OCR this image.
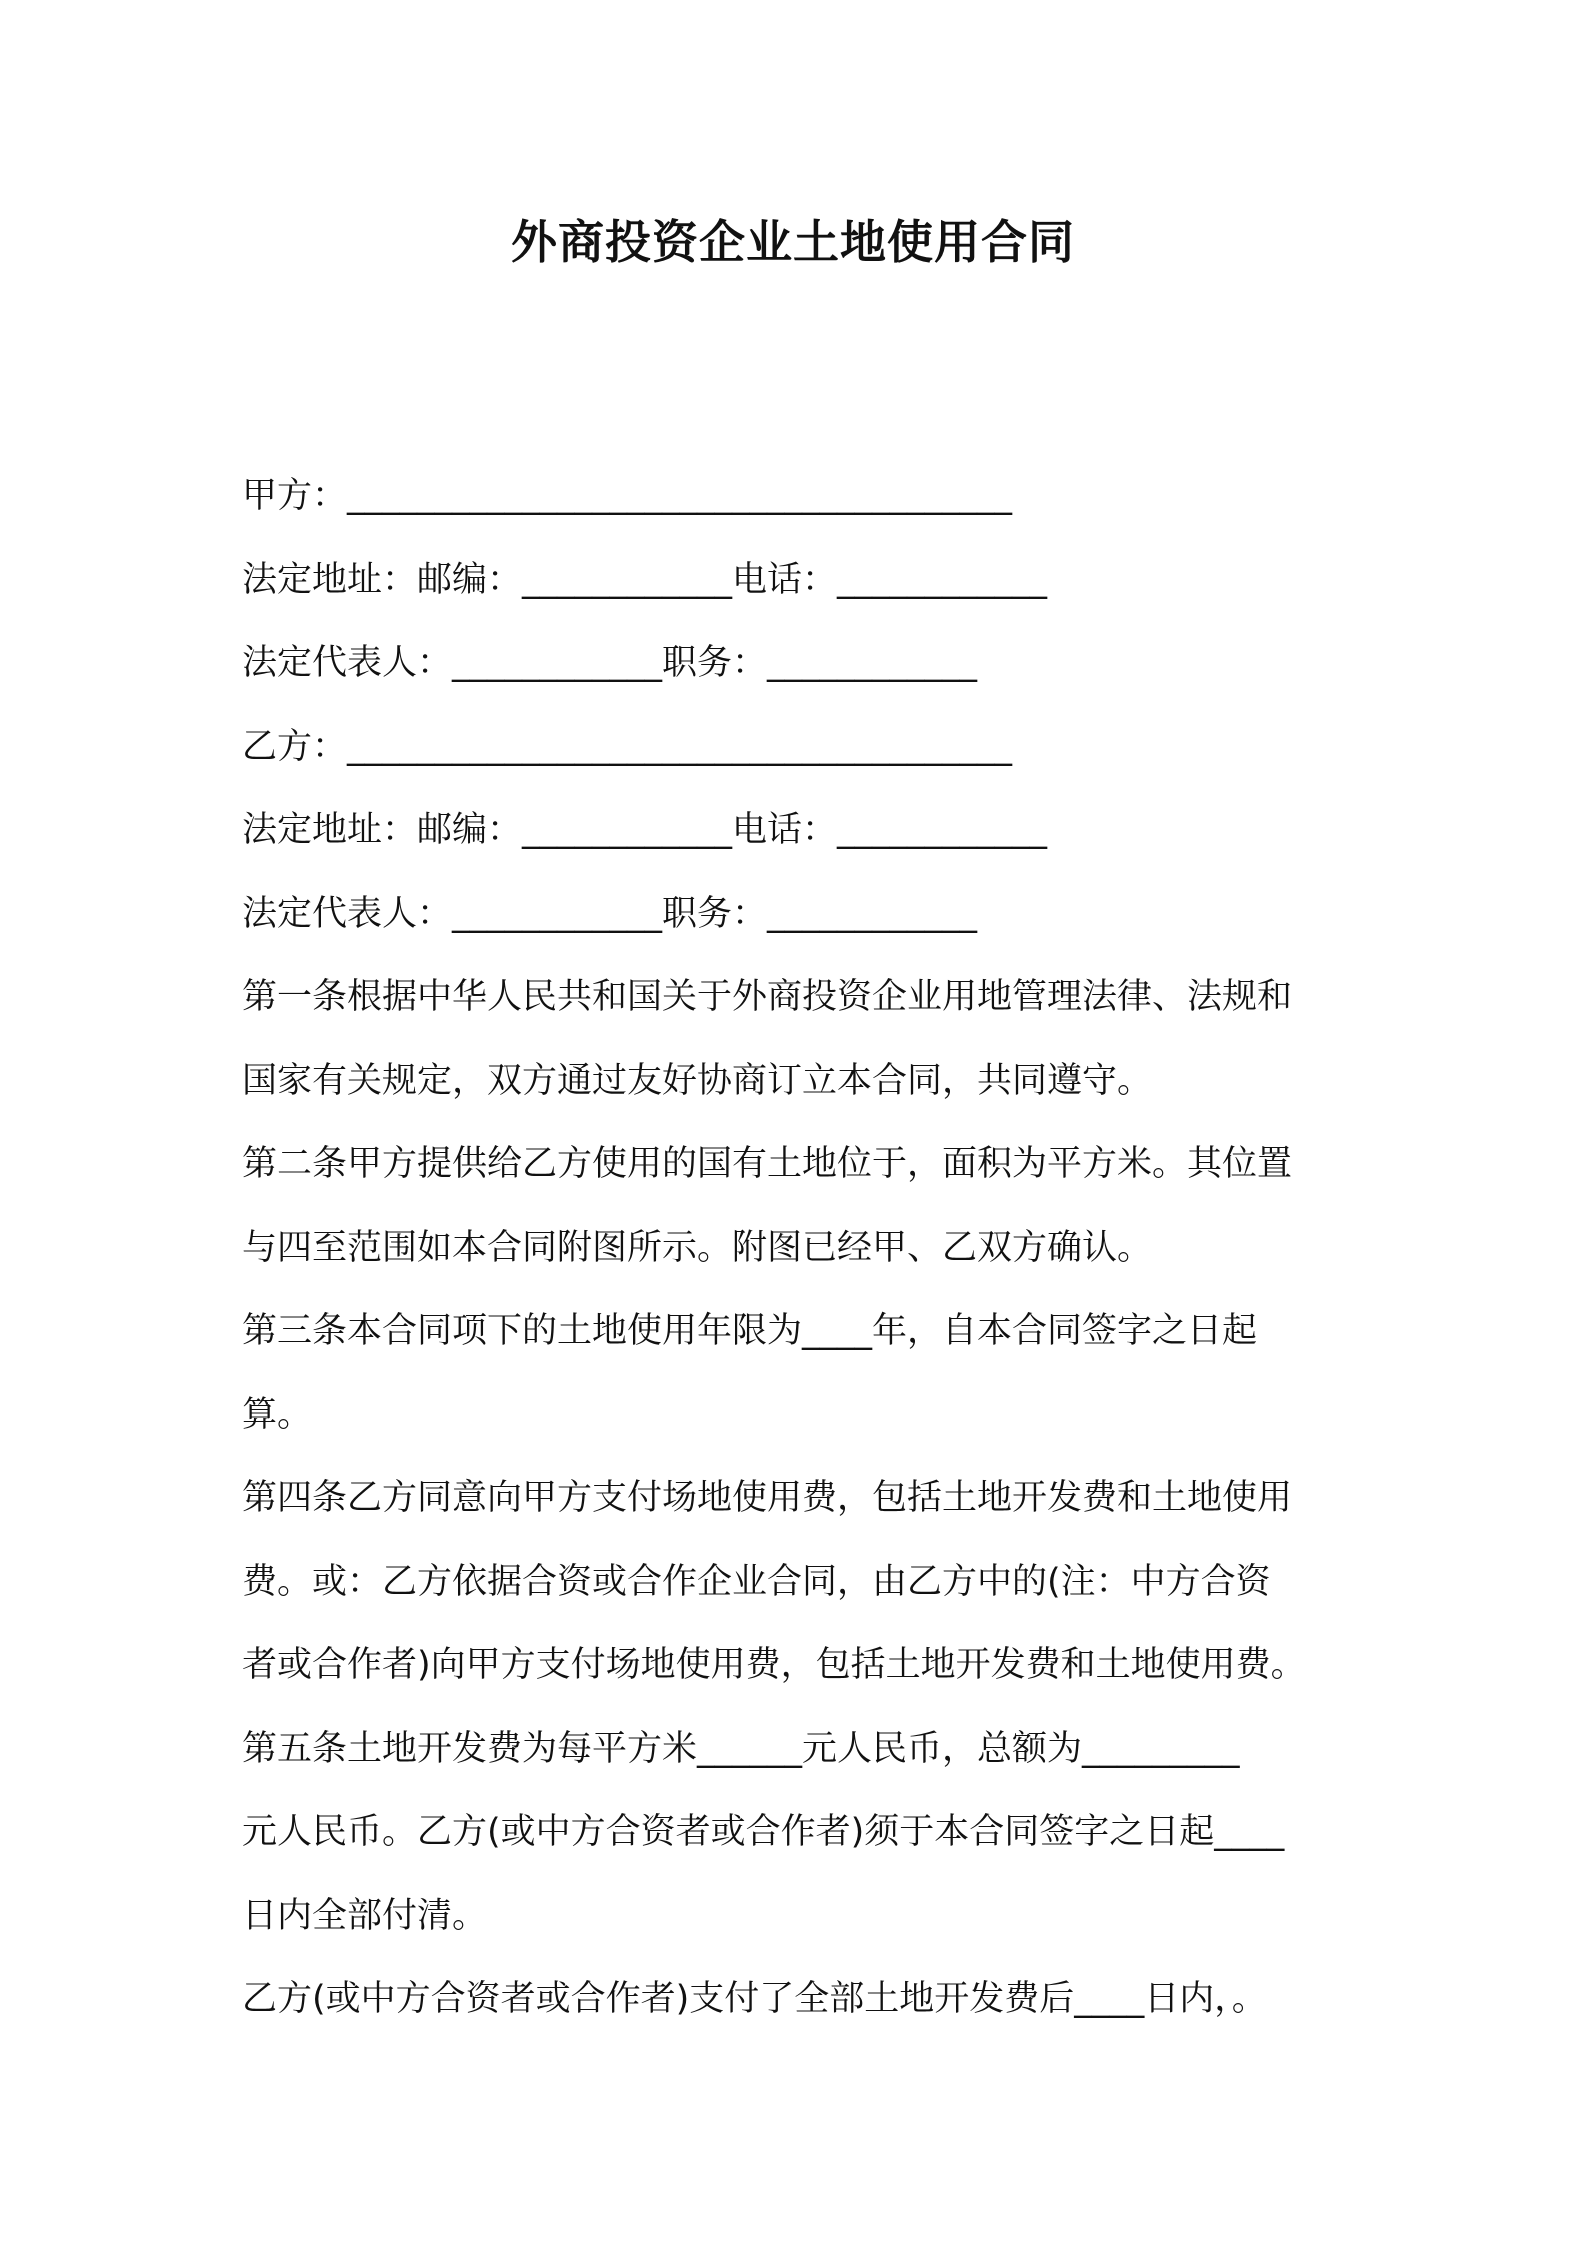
外商投资企业土地使用合同
甲方：______________________________________
法定地址：邮编：____________电话：____________
法定代表人：____________职务：____________
乙方：______________________________________
法定地址：邮编：____________电话：____________
法定代表人：____________职务：____________
第一条根据中华人民共和国关于外商投资企业用地管理法律、法规和
国家有关规定，双方通过友好协商订立本合同，共同遵守。
第二条甲方提供给乙方使用的国有土地位于，面积为平方米。其位置
与四至范围如本合同附图所示。附图已经甲、乙双方确认。
第三条本合同项下的土地使用年限为____年，自本合同签字之日起
算。
第四条乙方同意向甲方支付场地使用费，包括土地开发费和土地使用
费。或：乙方依据合资或合作企业合同，由乙方中的(注：中方合资
者或合作者)向甲方支付场地使用费，包括土地开发费和土地使用费。
第五条土地开发费为每平方米______元人民币，总额为_________
元人民币。乙方(或中方合资者或合作者)须于本合同签字之日起____
日内全部付清。
乙方(或中方合资者或合作者)支付了全部土地开发费后____日内，。
